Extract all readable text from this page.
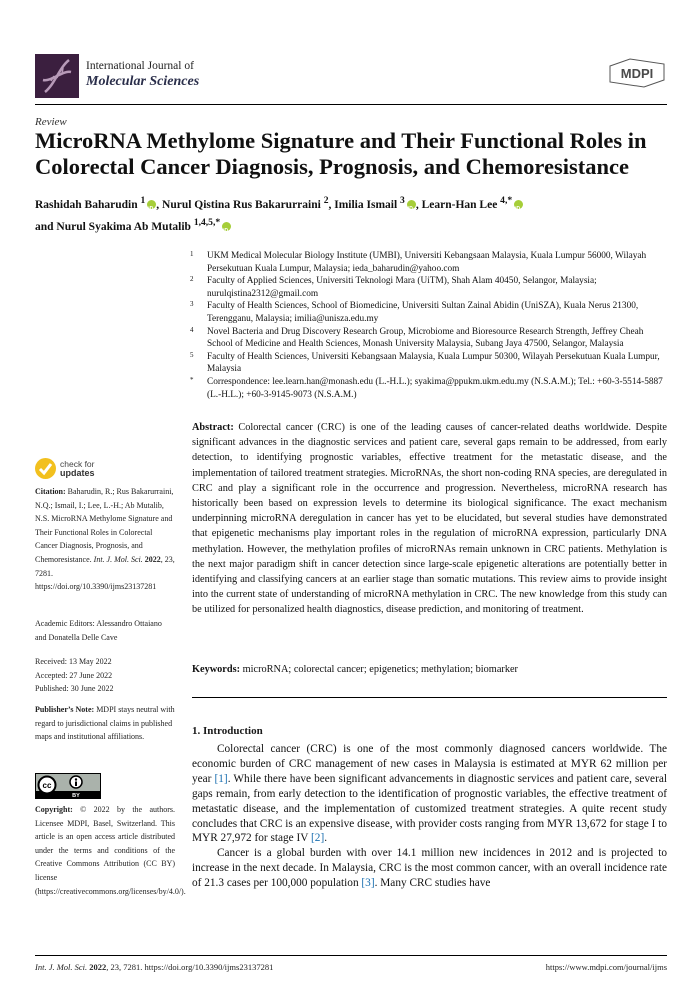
International Journal of
Molecular Sciences
MDPI
Review
MicroRNA Methylome Signature and Their Functional Roles in Colorectal Cancer Diagnosis, Prognosis, and Chemoresistance
Rashidah Baharudin $^1$ iD , Nurul Qistina Rus Bakarurraini $^2$, Imilia Ismail $^3$ iD , Learn-Han Lee $^{4,*}$iD
and Nurul Syakima Ab Mutalib $^{1,4,5,*}$iD
1 UKM Medical Molecular Biology Institute (UMBI), Universiti Kebangsaan Malaysia, Kuala Lumpur 56000, Wilayah Persekutuan Kuala Lumpur, Malaysia; ieda_baharudin@yahoo.com
2 Faculty of Applied Sciences, Universiti Teknologi Mara (UiTM), Shah Alam 40450, Selangor, Malaysia; nurulqistina2312@gmail.com
3 Faculty of Health Sciences, School of Biomedicine, Universiti Sultan Zainal Abidin (UniSZA), Kuala Nerus 21300, Terengganu, Malaysia; imilia@unisza.edu.my
4 Novel Bacteria and Drug Discovery Research Group, Microbiome and Bioresource Research Strength, Jeffrey Cheah School of Medicine and Health Sciences, Monash University Malaysia, Subang Jaya 47500, Selangor, Malaysia
5 Faculty of Health Sciences, Universiti Kebangsaan Malaysia, Kuala Lumpur 50300, Wilayah Persekutuan Kuala Lumpur, Malaysia
* Correspondence: lee.learn.han@monash.edu (L.-H.L.); syakima@ppukm.ukm.edu.my (N.S.A.M.); Tel.: +60-3-5514-5887 (L.-H.L.); +60-3-9145-9073 (N.S.A.M.)
Abstract: Colorectal cancer (CRC) is one of the leading causes of cancer-related deaths worldwide. Despite significant advances in the diagnostic services and patient care, several gaps remain to be addressed, from early detection, to identifying prognostic variables, effective treatment for the metastatic disease, and the implementation of tailored treatment strategies. MicroRNAs, the short non-coding RNA species, are deregulated in CRC and play a significant role in the occurrence and progression. Nevertheless, microRNA research has historically been based on expression levels to determine its biological significance. The exact mechanism underpinning microRNA deregulation in cancer has yet to be elucidated, but several studies have demonstrated that epigenetic mechanisms play important roles in the regulation of microRNA expression, particularly DNA methylation. However, the methylation profiles of microRNAs remain unknown in CRC patients. Methylation is the next major paradigm shift in cancer detection since large-scale epigenetic alterations are potentially better in identifying and classifying cancers at an earlier stage than somatic mutations. This review aims to provide insight into the current state of understanding of microRNA methylation in CRC. The new knowledge from this study can be utilized for personalized health diagnostics, disease prediction, and monitoring of treatment.
Keywords: microRNA; colorectal cancer; epigenetics; methylation; biomarker
1. Introduction

Colorectal cancer (CRC) is one of the most commonly diagnosed cancers worldwide. The economic burden of CRC management of new cases in Malaysia is estimated at MYR 62 million per year [1]. While there have been significant advancements in diagnostic services and patient care, several gaps remain, from early detection to the identification of prognostic variables, the effective treatment of metastatic disease, and the implementation of customized treatment strategies. A quite recent study concludes that CRC is an expensive disease, with provider costs ranging from MYR 13,672 for stage I to MYR 27,972 for stage IV [2].

Cancer is a global burden with over 14.1 million new incidences in 2012 and is projected to increase in the next decade. In Malaysia, CRC is the most common cancer, with an overall incidence rate of 21.3 cases per 100,000 population [3]. Many CRC studies have

check for
updates
Citation: Baharudin, R.; Rus Bakarurraini, N.Q.; Ismail, I.; Lee, L.-H.; Ab Mutalib, N.S. MicroRNA Methylome Signature and Their Functional Roles in Colorectal Cancer Diagnosis, Prognosis, and Chemoresistance. Int. J. Mol. Sci. 2022, 23, 7281. https://doi.org/10.3390/ijms23137281
Academic Editors: Alessandro Ottaiano and Donatella Delle Cave
Received: 13 May 2022
Accepted: 27 June 2022
Published: 30 June 2022
Publisher’s Note: MDPI stays neutral with regard to jurisdictional claims in published maps and institutional affiliations.
cc
BY
Copyright: © 2022 by the authors. Licensee MDPI, Basel, Switzerland. This article is an open access article distributed under the terms and conditions of the Creative Commons Attribution (CC BY) license (https://creativecommons.org/licenses/by/4.0/).
Int. J. Mol. Sci. 2022, 23, 7281. https://doi.org/10.3390/ijms23137281	https://www.mdpi.com/journal/ijms
